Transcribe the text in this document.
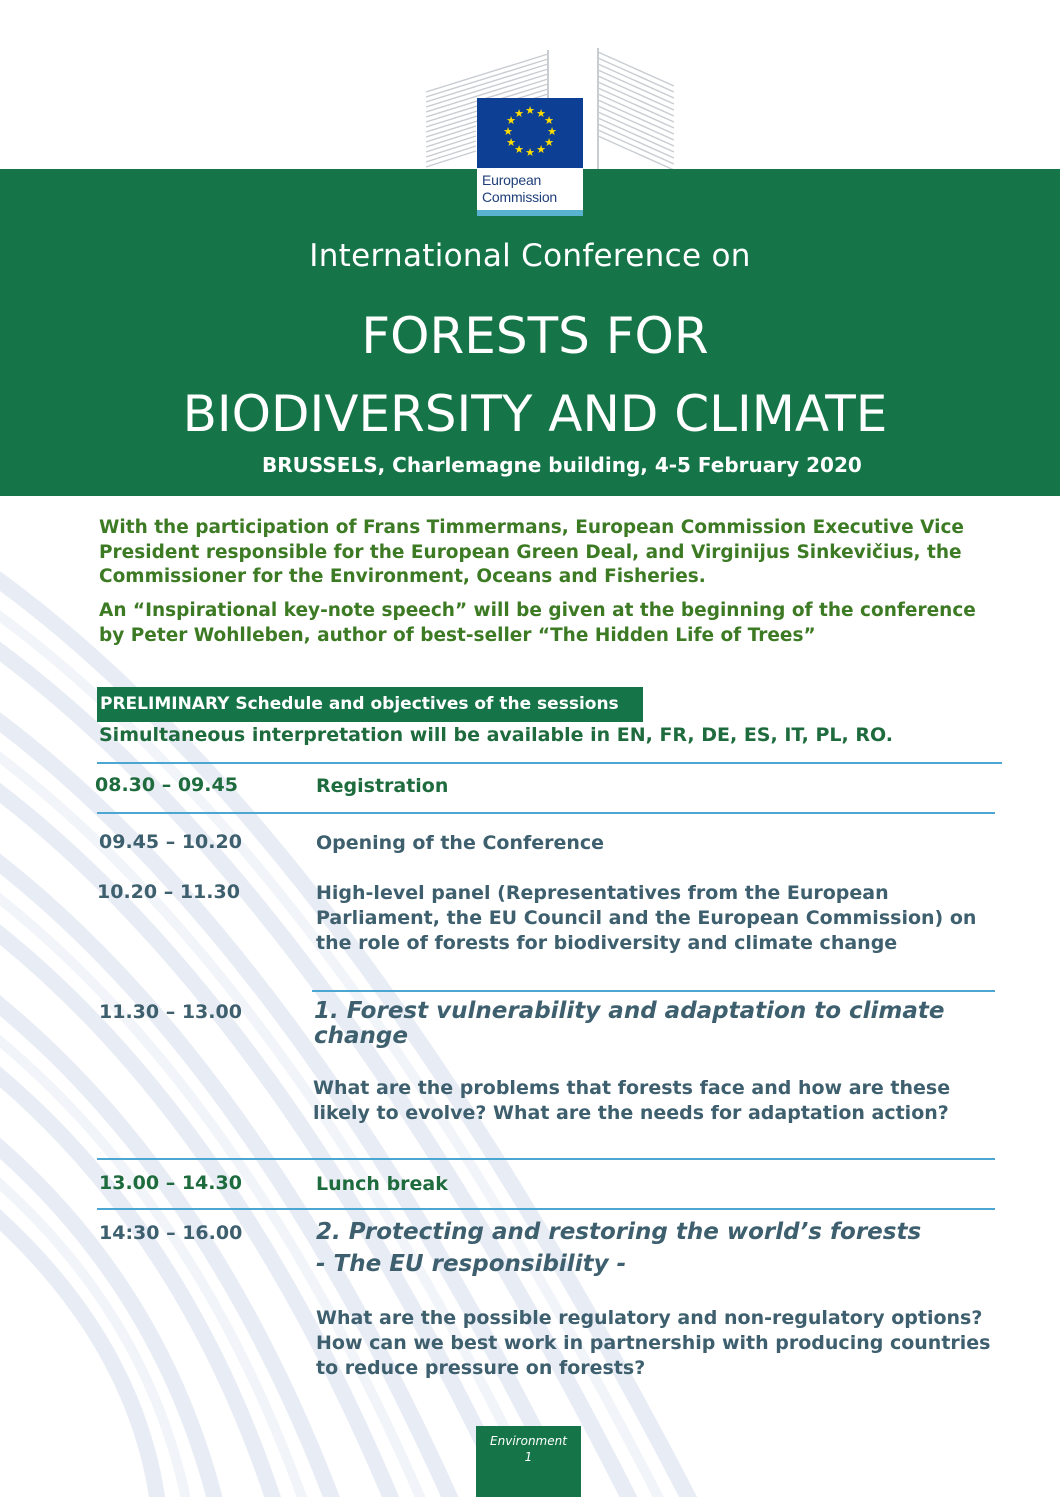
★ ★
★
★
★
★
★
★
★
★
★
★
European
Commission

International Conference on

FORESTS FOR
BIODIVERSITY AND CLIMATE
BRUSSELS, Charlemagne building, 4-5 February 2020

With the participation of Frans Timmermans, European Commission Executive Vice President responsible for the European Green Deal, and Virginijus Sinkevičius, the Commissioner for the Environment, Oceans and Fisheries.

An “Inspirational key-note speech” will be given at the beginning of the conference by Peter Wohlleben, author of best-seller “The Hidden Life of Trees”

PRELIMINARY Schedule and objectives of the sessions
Simultaneous interpretation will be available in EN, FR, DE, ES, IT, PL, RO.
08.30 – 09.45	Registration

09.45 – 10.20	Opening of the Conference

10.20 – 11.30	High-level panel (Representatives from the European Parliament, the EU Council and the European Commission) on the role of forests for biodiversity and climate change

11.30 – 13.00	1. Forest vulnerability and adaptation to climate change

What are the problems that forests face and how are these likely to evolve? What are the needs for adaptation action?

13.00 – 14.30	Lunch break

14:30 – 16.00	2. Protecting and restoring the world’s forests

- The EU responsibility -

What are the possible regulatory and non-regulatory options? How can we best work in partnership with producing countries to reduce pressure on forests?

Environment
1
